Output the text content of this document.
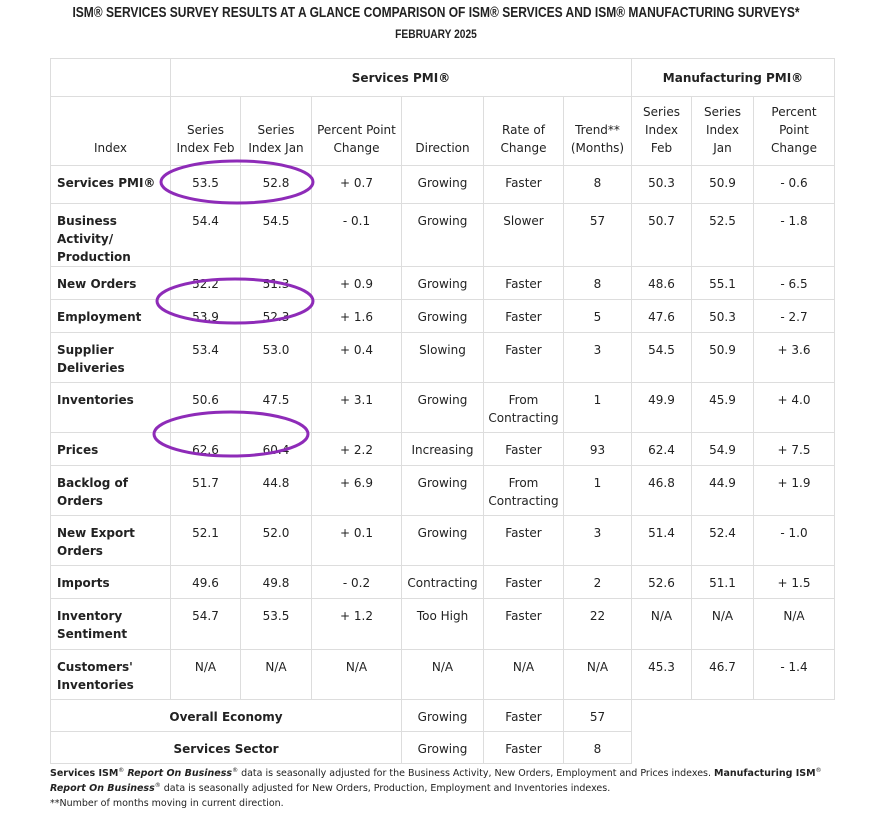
ISM® SERVICES SURVEY RESULTS AT A GLANCE COMPARISON OF ISM® SERVICES AND ISM® MANUFACTURING SURVEYS*
FEBRUARY 2025
	Services PMI®						Manufacturing PMI®		
Index	Series Index Feb	Series Index Jan	Percent Point Change	Direction	Rate of Change	Trend** (Months)	Series Index Feb	Series Index Jan	Percent Point Change
Services PMI®	53.5	52.8	+ 0.7	Growing	Faster	8	50.3	50.9	- 0.6
Business Activity/ Production	54.4	54.5	- 0.1	Growing	Slower	57	50.7	52.5	- 1.8
New Orders	52.2	51.3	+ 0.9	Growing	Faster	8	48.6	55.1	- 6.5
Employment	53.9	52.3	+ 1.6	Growing	Faster	5	47.6	50.3	- 2.7
Supplier Deliveries	53.4	53.0	+ 0.4	Slowing	Faster	3	54.5	50.9	+ 3.6
Inventories	50.6	47.5	+ 3.1	Growing	From Contracting	1	49.9	45.9	+ 4.0
Prices	62.6	60.4	+ 2.2	Increasing	Faster	93	62.4	54.9	+ 7.5
Backlog of Orders	51.7	44.8	+ 6.9	Growing	From Contracting	1	46.8	44.9	+ 1.9
New Export Orders	52.1	52.0	+ 0.1	Growing	Faster	3	51.4	52.4	- 1.0
Imports	49.6	49.8	- 0.2	Contracting	Faster	2	52.6	51.1	+ 1.5
Inventory Sentiment	54.7	53.5	+ 1.2	Too High	Faster	22	N/A	N/A	N/A
Customers' Inventories	N/A	N/A	N/A	N/A	N/A	N/A	45.3	46.7	- 1.4
Overall Economy				Growing	Faster	57			
Services Sector				Growing	Faster	8			
Services ISM® Report On Business® data is seasonally adjusted for the Business Activity, New Orders, Employment and Prices indexes. Manufacturing ISM® Report On Business® data is seasonally adjusted for New Orders, Production, Employment and Inventories indexes.
**Number of months moving in current direction.
